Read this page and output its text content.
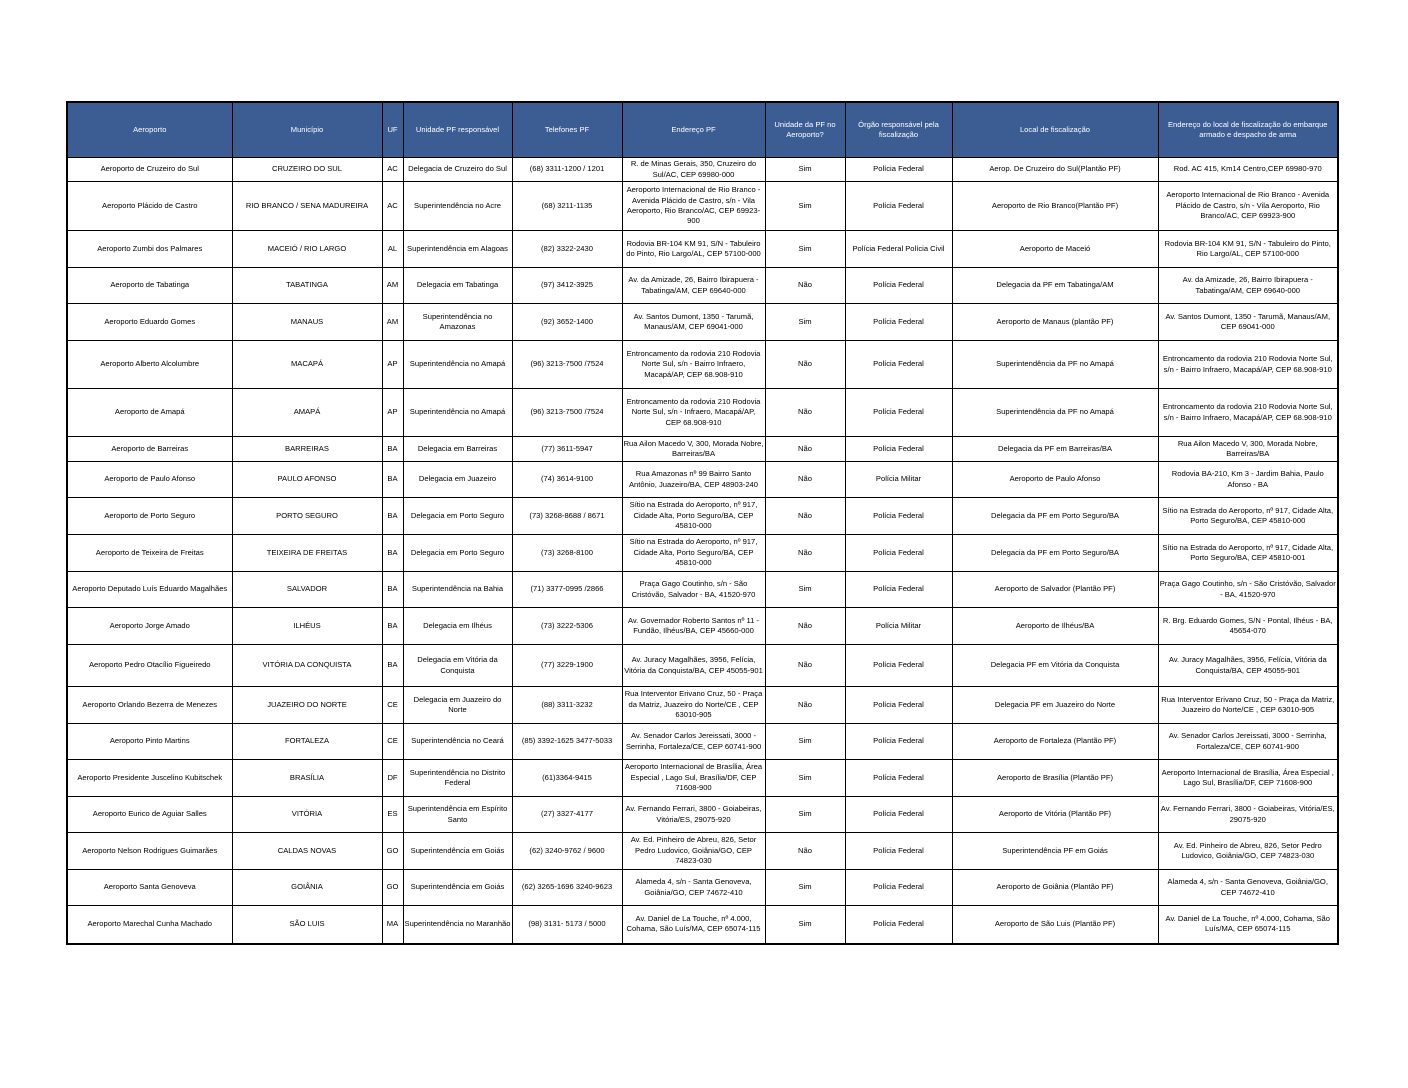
Aeroporto	Município	UF	Unidade PF responsável	Telefones PF	Endereço PF	Unidade da PF no Aeroporto?	Órgão responsável pela fiscalização	Local de fiscalização	Endereço do local de fiscalização do embarque armado e despacho de arma
Aeroporto de Cruzeiro do Sul	CRUZEIRO DO SUL	AC	Delegacia de Cruzeiro do Sul	(68) 3311-1200 / 1201	R. de Minas Gerais, 350, Cruzeiro do Sul/AC, CEP 69980-000	Sim	Polícia Federal	Aerop. De Cruzeiro do Sul(Plantão PF)	Rod. AC 415, Km14 Centro,CEP 69980-970
Aeroporto Plácido de Castro	RIO BRANCO / SENA MADUREIRA	AC	Superintendência no Acre	(68) 3211-1135	Aeroporto Internacional de Rio Branco - Avenida Plácido de Castro, s/n - Vila Aeroporto, Rio Branco/AC, CEP 69923-900	Sim	Polícia Federal	Aeroporto de Rio Branco(Plantão PF)	Aeroporto Internacional de Rio Branco - Avenida Plácido de Castro, s/n - Vila Aeroporto, Rio Branco/AC, CEP 69923-900
Aeroporto Zumbi dos Palmares	MACEIÓ / RIO LARGO	AL	Superintendência em Alagoas	(82) 3322-2430	Rodovia BR-104 KM 91, S/N - Tabuleiro do Pinto, Rio Largo/AL, CEP 57100-000	Sim	Polícia Federal Polícia Civil	Aeroporto de Maceió	Rodovia BR-104 KM 91, S/N - Tabuleiro do Pinto, Rio Largo/AL, CEP 57100-000
Aeroporto de Tabatinga	TABATINGA	AM	Delegacia em Tabatinga	(97) 3412-3925	Av. da Amizade, 26, Bairro Ibirapuera - Tabatinga/AM, CEP 69640-000	Não	Polícia Federal	Delegacia da PF em Tabatinga/AM	Av. da Amizade, 26, Bairro Ibirapuera - Tabatinga/AM, CEP 69640-000
Aeroporto Eduardo Gomes	MANAUS	AM	Superintendência no Amazonas	(92) 3652-1400	Av. Santos Dumont, 1350 - Tarumã, Manaus/AM, CEP 69041-000	Sim	Polícia Federal	Aeroporto de Manaus (plantão PF)	Av. Santos Dumont, 1350 - Tarumã, Manaus/AM, CEP 69041-000
Aeroporto Alberto Alcolumbre	MACAPÁ	AP	Superintendência no Amapá	(96) 3213-7500 /7524	Entroncamento da rodovia 210 Rodovia Norte Sul, s/n - Bairro Infraero, Macapá/AP, CEP 68.908-910	Não	Polícia Federal	Superintendência da PF no Amapá	Entroncamento da rodovia 210 Rodovia Norte Sul, s/n - Bairro Infraero, Macapá/AP, CEP 68.908-910
Aeroporto de Amapá	AMAPÁ	AP	Superintendência no Amapá	(96) 3213-7500 /7524	Entroncamento da rodovia 210 Rodovia Norte Sul, s/n - Infraero, Macapá/AP, CEP 68.908-910	Não	Polícia Federal	Superintendência da PF no Amapá	Entroncamento da rodovia 210 Rodovia Norte Sul, s/n - Bairro Infraero, Macapá/AP, CEP 68.908-910
Aeroporto de Barreiras	BARREIRAS	BA	Delegacia em Barreiras	(77) 3611-5947	Rua Ailon Macedo V, 300, Morada Nobre, Barreiras/BA	Não	Polícia Federal	Delegacia da PF em Barreiras/BA	Rua Ailon Macedo V, 300, Morada Nobre, Barreiras/BA
Aeroporto de Paulo Afonso	PAULO AFONSO	BA	Delegacia em Juazeiro	(74) 3614-9100	Rua Amazonas nº 99 Bairro Santo Antônio, Juazeiro/BA, CEP 48903-240	Não	Polícia Militar	Aeroporto de Paulo Afonso	Rodovia BA-210, Km 3 - Jardim Bahia, Paulo Afonso - BA
Aeroporto de Porto Seguro	PORTO SEGURO	BA	Delegacia em Porto Seguro	(73) 3268-8688 / 8671	Sítio na Estrada do Aeroporto, nº 917, Cidade Alta, Porto Seguro/BA, CEP 45810-000	Não	Polícia Federal	Delegacia da PF em Porto Seguro/BA	Sítio na Estrada do Aeroporto, nº 917, Cidade Alta, Porto Seguro/BA, CEP 45810-000
Aeroporto de Teixeira de Freitas	TEIXEIRA DE FREITAS	BA	Delegacia em Porto Seguro	(73) 3268-8100	Sítio na Estrada do Aeroporto, nº 917, Cidade Alta, Porto Seguro/BA, CEP 45810-000	Não	Polícia Federal	Delegacia da PF em Porto Seguro/BA	Sítio na Estrada do Aeroporto, nº 917, Cidade Alta, Porto Seguro/BA, CEP 45810-001
Aeroporto Deputado Luís Eduardo Magalhães	SALVADOR	BA	Superintendência na Bahia	(71) 3377-0995 /2866	Praça Gago Coutinho, s/n - São Cristóvão, Salvador - BA, 41520-970	Sim	Polícia Federal	Aeroporto de Salvador (Plantão PF)	Praça Gago Coutinho, s/n - São Cristóvão, Salvador - BA, 41520-970
Aeroporto Jorge Amado	ILHÉUS	BA	Delegacia em Ilhéus	(73) 3222-5306	Av. Governador Roberto Santos nº 11 - Fundão, Ilhéus/BA, CEP 45660-000	Não	Polícia Militar	Aeroporto de Ilhéus/BA	R. Brg. Eduardo Gomes, S/N - Pontal, Ilhéus - BA, 45654-070
Aeroporto Pedro Otacílio Figueiredo	VITÓRIA DA CONQUISTA	BA	Delegacia em Vitória da Conquista	(77) 3229-1900	Av. Juracy Magalhães, 3956, Felícia, Vitória da Conquista/BA, CEP 45055-901	Não	Polícia Federal	Delegacia PF em Vitória da Conquista	Av. Juracy Magalhães, 3956, Felícia, Vitória da Conquista/BA, CEP 45055-901
Aeroporto Orlando Bezerra de Menezes	JUAZEIRO DO NORTE	CE	Delegacia em Juazeiro do Norte	(88) 3311-3232	Rua Interventor Erivano Cruz, 50 - Praça da Matriz, Juazeiro do Norte/CE , CEP 63010-905	Não	Polícia Federal	Delegacia PF em Juazeiro do Norte	Rua Interventor Erivano Cruz, 50 - Praça da Matriz, Juazeiro do Norte/CE , CEP 63010-905
Aeroporto Pinto Martins	FORTALEZA	CE	Superintendência no Ceará	(85) 3392-1625 3477-5033	Av. Senador Carlos Jereissati, 3000 - Serrinha, Fortaleza/CE, CEP 60741-900	Sim	Polícia Federal	Aeroporto de Fortaleza (Plantão PF)	Av. Senador Carlos Jereissati, 3000 - Serrinha, Fortaleza/CE, CEP 60741-900
Aeroporto Presidente Juscelino Kubitschek	BRASÍLIA	DF	Superintendência no Distrito Federal	(61)3364-9415	Aeroporto Internacional de Brasília, Área Especial , Lago Sul, Brasília/DF, CEP 71608-900	Sim	Polícia Federal	Aeroporto de Brasília (Plantão PF)	Aeroporto Internacional de Brasília, Área Especial , Lago Sul, Brasília/DF, CEP 71608-900
Aeroporto Eurico de Aguiar Salles	VITÓRIA	ES	Superintendência em Espírito Santo	(27) 3327-4177	Av. Fernando Ferrari, 3800 - Goiabeiras, Vitória/ES, 29075-920	Sim	Polícia Federal	Aeroporto de Vitória (Plantão PF)	Av. Fernando Ferrari, 3800 - Goiabeiras, Vitória/ES, 29075-920
Aeroporto Nelson Rodrigues Guimarães	CALDAS NOVAS	GO	Superintendência em Goiás	(62) 3240-9762 / 9600	Av. Ed. Pinheiro de Abreu, 826, Setor Pedro Ludovico, Goiânia/GO, CEP 74823-030	Não	Polícia Federal	Superintendência PF em Goiás	Av. Ed. Pinheiro de Abreu, 826, Setor Pedro Ludovico, Goiânia/GO, CEP 74823-030
Aeroporto Santa Genoveva	GOIÂNIA	GO	Superintendência em Goiás	(62) 3265-1696 3240-9623	Alameda 4, s/n - Santa Genoveva, Goiânia/GO, CEP 74672-410	Sim	Polícia Federal	Aeroporto de Goiânia (Plantão PF)	Alameda 4, s/n - Santa Genoveva, Goiânia/GO, CEP 74672-410
Aeroporto Marechal Cunha Machado	SÃO LUIS	MA	Superintendência no Maranhão	(98) 3131- 5173 / 5000	Av. Daniel de La Touche, nº 4.000, Cohama, São Luís/MA, CEP 65074-115	Sim	Polícia Federal	Aeroporto de São Luis (Plantão PF)	Av. Daniel de La Touche, nº 4.000, Cohama, São Luís/MA, CEP 65074-115
